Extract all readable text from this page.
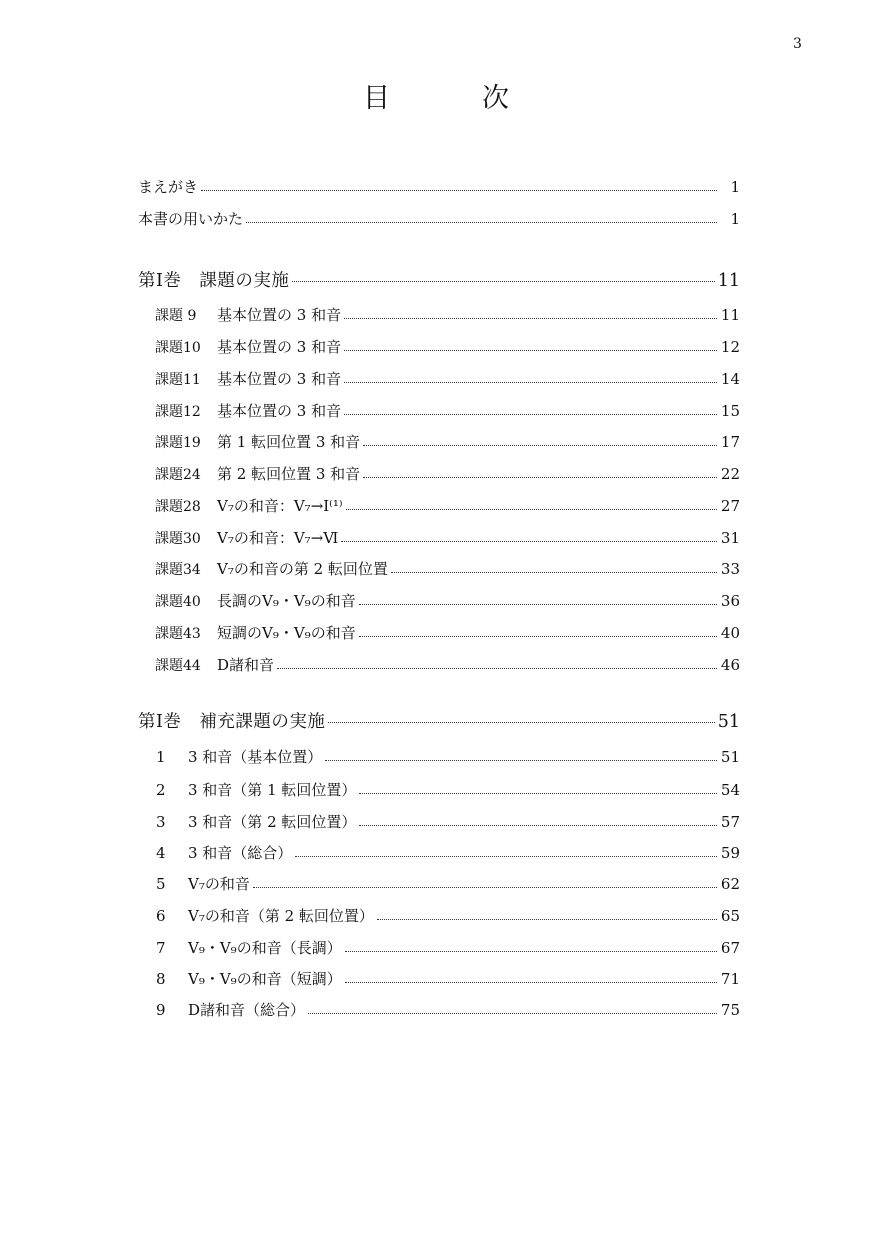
3
目	次
まえがき	1
本書の用いかた	1
第Ⅰ巻　課題の実施	11
課題 9 基本位置の 3 和音	11
課題10 基本位置の 3 和音	12
課題11 基本位置の 3 和音	14
課題12 基本位置の 3 和音	15
課題19 第 1 転回位置 3 和音	17
課題24 第 2 転回位置 3 和音	22
課題28 Ⅴ₇の和音：Ⅴ₇→Ⅰ⁽¹⁾	27
課題30 Ⅴ₇の和音：Ⅴ₇→Ⅵ	31
課題34 Ⅴ₇の和音の第 2 転回位置	33
課題40 長調のⅤ₉・Ⅴ₉の和音	36
課題43 短調のⅤ₉・Ⅴ₉の和音	40
課題44 D諸和音	46
第Ⅰ巻　補充課題の実施	51
1 3 和音（基本位置）	51
2 3 和音（第 1 転回位置）	54
3 3 和音（第 2 転回位置）	57
4 3 和音（総合）	59
5 Ⅴ₇の和音	62
6 Ⅴ₇の和音（第 2 転回位置）	65
7 Ⅴ₉・Ⅴ₉の和音（長調）	67
8 Ⅴ₉・Ⅴ₉の和音（短調）	71
9 D諸和音（総合）	75
